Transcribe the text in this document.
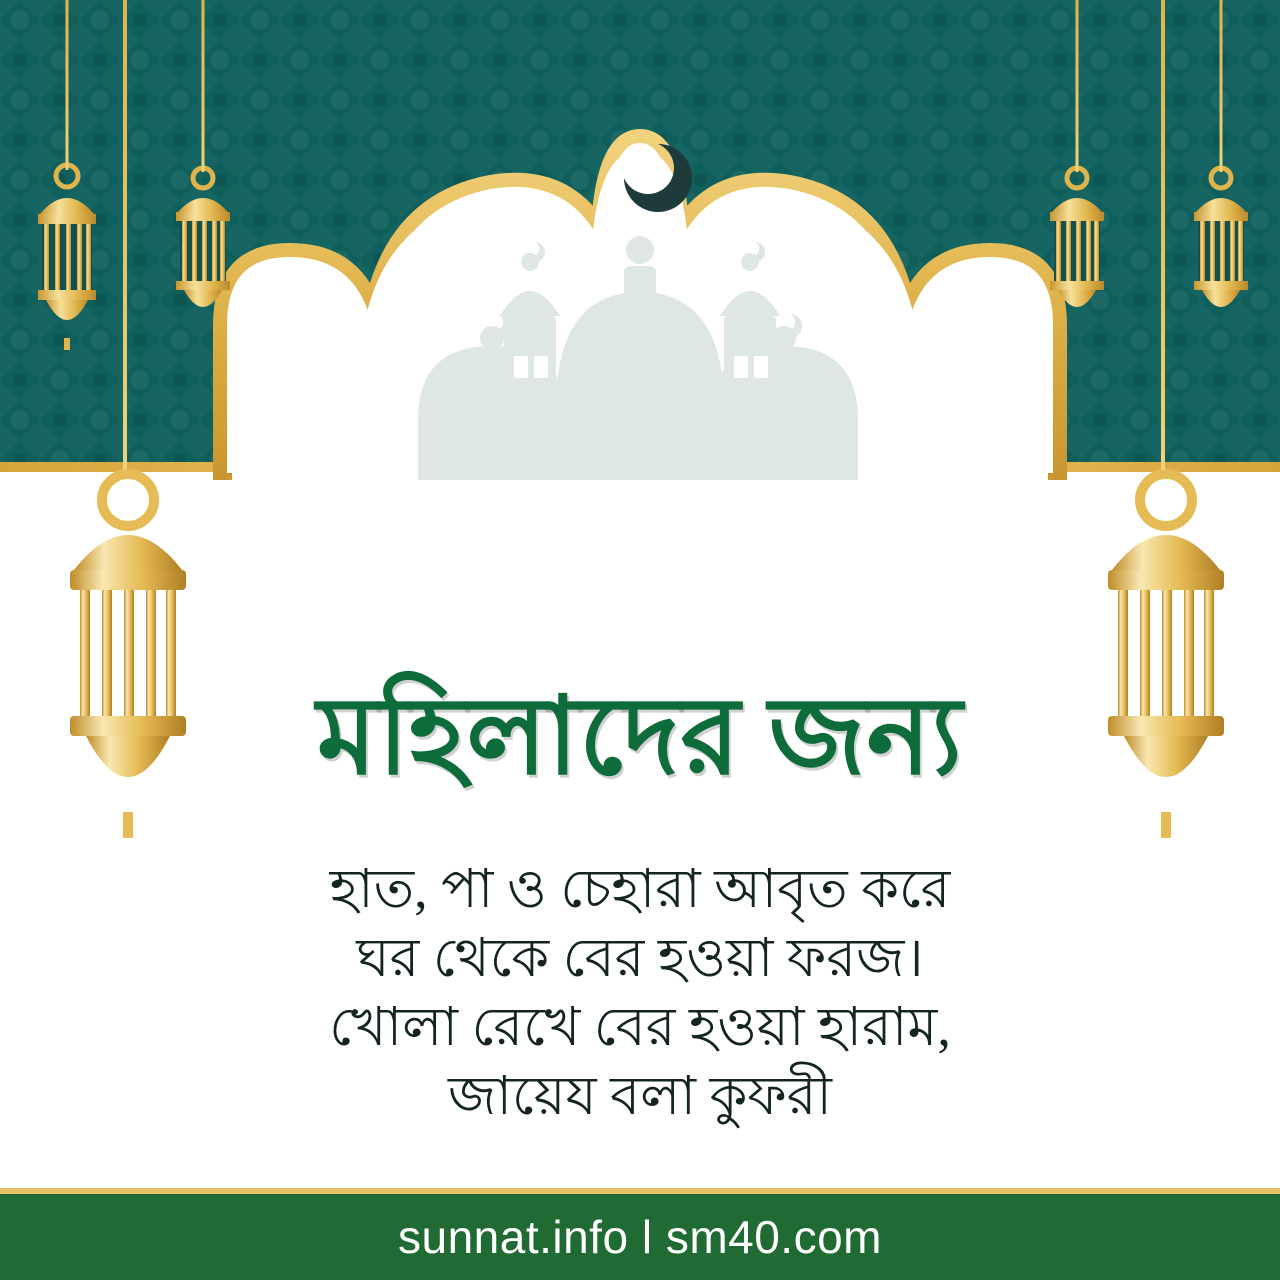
মহিলাদের জন্য
হাত, পা ও চেহারা আবৃত করে
ঘর থেকে বের হওয়া ফরজ।
খোলা রেখে বের হওয়া হারাম,
জায়েয বলা কুফরী
sunnat.info l sm40.com
